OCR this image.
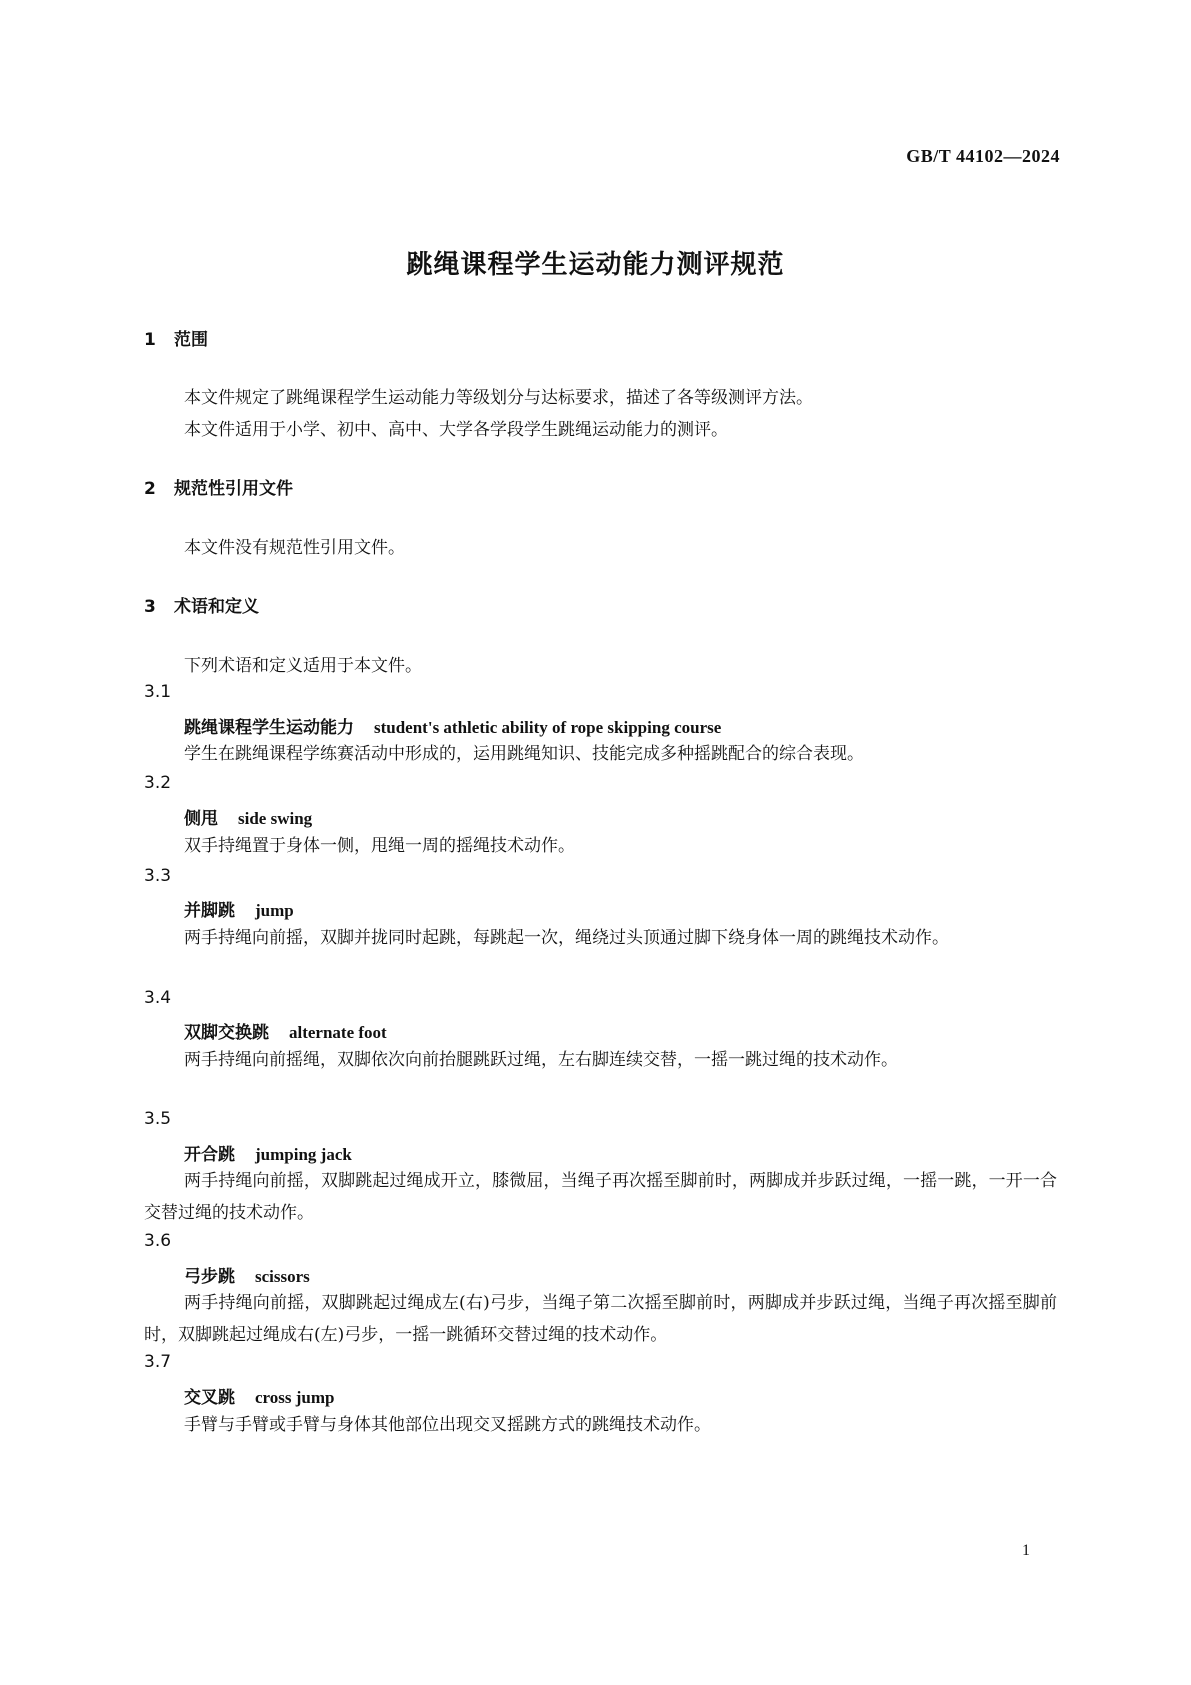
GB/T 44102—2024
跳绳课程学生运动能力测评规范
1 范围
本文件规定了跳绳课程学生运动能力等级划分与达标要求，描述了各等级测评方法。
本文件适用于小学、初中、高中、大学各学段学生跳绳运动能力的测评。
2 规范性引用文件
本文件没有规范性引用文件。
3 术语和定义
下列术语和定义适用于本文件。
3.1
跳绳课程学生运动能力 student's athletic ability of rope skipping course
学生在跳绳课程学练赛活动中形成的，运用跳绳知识、技能完成多种摇跳配合的综合表现。
3.2
侧甩 side swing
双手持绳置于身体一侧，甩绳一周的摇绳技术动作。
3.3
并脚跳 jump
两手持绳向前摇，双脚并拢同时起跳，每跳起一次，绳绕过头顶通过脚下绕身体一周的跳绳技术动作。
3.4
双脚交换跳 alternate foot
两手持绳向前摇绳，双脚依次向前抬腿跳跃过绳，左右脚连续交替，一摇一跳过绳的技术动作。
3.5
开合跳 jumping jack
两手持绳向前摇，双脚跳起过绳成开立，膝微屈，当绳子再次摇至脚前时，两脚成并步跃过绳，一摇一跳，一开一合交替过绳的技术动作。
3.6
弓步跳 scissors
两手持绳向前摇，双脚跳起过绳成左(右)弓步，当绳子第二次摇至脚前时，两脚成并步跃过绳，当绳子再次摇至脚前时，双脚跳起过绳成右(左)弓步，一摇一跳循环交替过绳的技术动作。
3.7
交叉跳 cross jump
手臂与手臂或手臂与身体其他部位出现交叉摇跳方式的跳绳技术动作。
1
